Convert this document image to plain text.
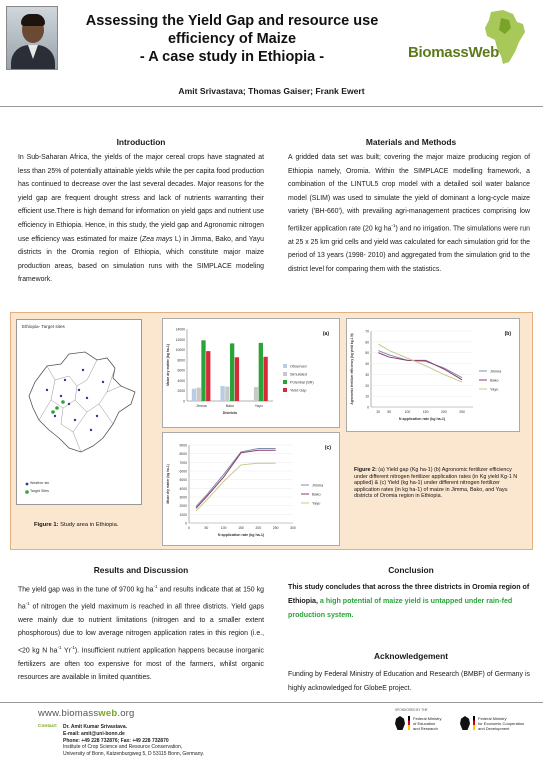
Assessing the Yield Gap and resource use efficiency of Maize
- A case study in Ethiopia -	BiomassWeb
Amit Srivastava; Thomas Gaiser; Frank Ewert
Introduction
In Sub-Saharan Africa, the yields of the major cereal crops have stagnated at less than 25% of potentially attainable yields while the per capita food production has continued to decrease over the last several decades. Major reasons for the yield gap are frequent drought stress and lack of nutrients warranting their efficient use.There is high demand for information on yield gaps and nutrient use efficiency in Ethiopia. Hence, in this study, the yield gap and Agronomic nitrogen use efficiency was estimated for maize (Zea mays L) in Jimma, Bako, and Yayu districts in the Oromia region of Ethiopia, which constitute major maize production areas, based on simulation runs with the SIMPLACE modeling framework.
Materials and Methods
A gridded data set was built; covering the major maize producing region of Ethiopia namely, Oromia. Within the SIMPLACE modelling framework, a combination of the LINTUL5 crop model with a detailed soil water balance model (SLIM) was used to simulate the yield of dominant a long-cycle maize variety ('BH-660'), with prevailing agri-management practices comprising low fertilizer application rate (20 kg $ha^{-1}$) and no irrigation. The simulations were run at 25 x 25 km grid cells and yield was calculated for each simulation grid for the period of 13 years (1998- 2010) and aggregated from the simulation grid to the district level for comparing them with the statistics.
Ethiopia- Target sites
Weather stn
Target Sites
Figure 1: Study area in Ethiopia.
0
2000
4000
6000
8000
10000
12000
14000
Jimma	Bako	Yayu
Districts
Maize dry matter (kg ha-1)
(a)
Observed
Simulated
Potential (SR)
Yield Gap
0
10
20
30
40
50
60
70
20 50	100	150	200	250
Jimma
Bako
Yayu
N application rate (kg ha-1)
Agronomic fertilizer efficiency (kg yield kg-1 N)	(b)
0
1000
2000
3000
4000
5000
6000
7000
8000
9000
0	50	100	150	200	250	300
Jimma
Bako
Yayu
N application rate (kg ha-1)
Maize dry matter (kg ha-1)
(c)
Figure 2: (a) Yield gap (Kg ha-1) (b) Agronomic fertilizer efficiency under different nitrogen fertilizer application rates (in Kg yield Kg-1 N applied) & (c) Yield (kg ha-1) under different nitrogen fertilizer application rates (in kg ha-1) of maize in Jimma, Bako, and Yayu districts of Oromia region in Ethiopia.
Results and Discussion
The yield gap was in the tune of 9700 kg $ha^{-1}$ and results indicate that at 150 kg $ha^{-1}$ of nitrogen the yield maximum is reached in all three districts. Yield gaps were mainly due to nutrient limitations (nitrogen and to a smaller extent phosphorous) due to low average nitrogen application rates in this region (i.e., <20 kg N $ha^{-1}$ $Yr^{-1}$). Insufficient nutrient application happens because inorganic fertilizers are often too expensive for most of the farmers, whilst organic resources are available in limited quantities.
Conclusion
This study concludes that across the three districts in Oromia region of Ethiopia, a high potential of maize yield is untapped under rain-fed production system.
Acknowledgement
Funding by Federal Ministry of Education and Research (BMBF) of Germany is highly acknowledged for GlobeE project.
www.biomassweb.org
Contact: Dr. Amit Kumar Srivastava.
E-mail: amit@uni-bonn.de
Phone: +49 228 732876; Fax: +49 228 732870
Institute of Crop Science and Resource Conservation,
University of Bonn, Katzenburgweg 5, D 53115 Bonn, Germany.
SPONSORED BY THE
Federal Ministry
of Education
and Research
Federal Ministry
for Economic Cooperation
and Development
